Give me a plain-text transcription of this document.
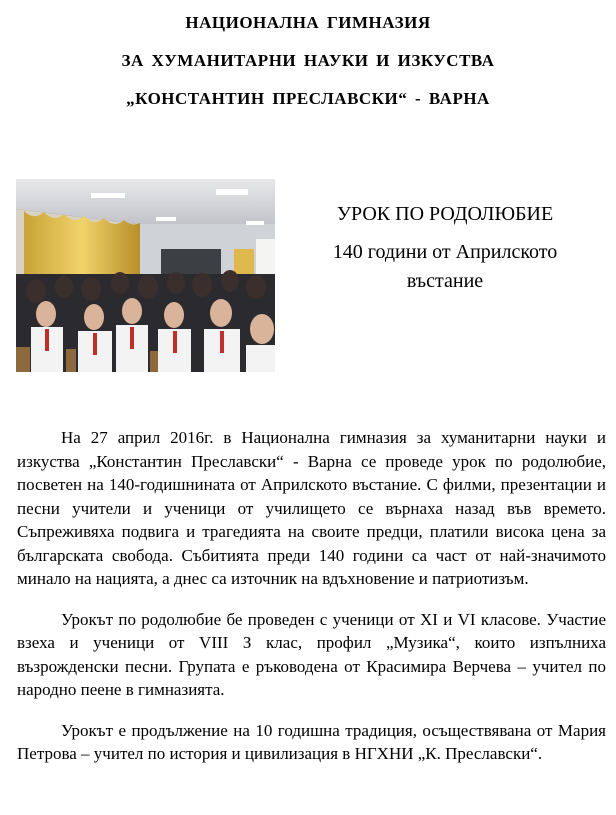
НАЦИОНАЛНА ГИМНАЗИЯ
ЗА ХУМАНИТАРНИ НАУКИ И ИЗКУСТВА
„КОНСТАНТИН ПРЕСЛАВСКИ“ - ВАРНА
УРОК ПО РОДОЛЮБИЕ
140 години от Априлското въстание

На 27 април 2016г. в Национална гимназия за хуманитарни науки и изкуства „Константин Преславски“ - Варна се проведе урок по родолюбие, посветен на 140-годишнината от Априлското въстание. С филми, презентации и песни учители и ученици от училището се върнаха назад във времето. Съпреживяха подвига и трагедията на своите предци, платили висока цена за българската свобода. Събитията преди 140 години са част от най-значимото минало на нацията, а днес са източник на вдъхновение и патриотизъм.

Урокът по родолюбие бе проведен с ученици от XI и VI класове. Участие взеха и ученици от VIII З клас, профил „Музика“, които изпълниха възрожденски песни. Групата е ръководена от Красимира Верчева – учител по народно пеене в гимназията.

Урокът е продължение на 10 годишна традиция, осъществявана от Мария Петрова – учител по история и цивилизация в НГХНИ „К. Преславски“.
